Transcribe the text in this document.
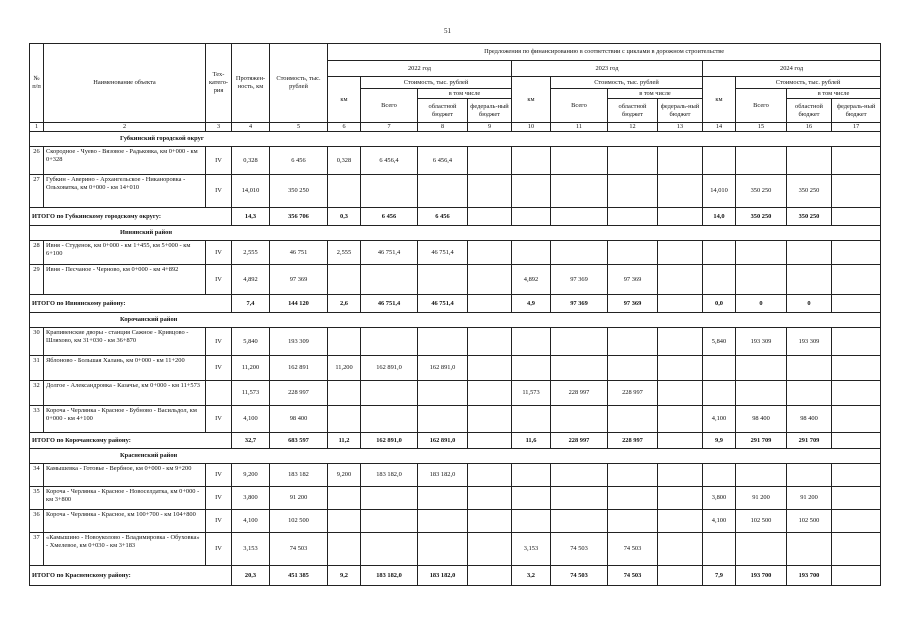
51
№ п/п	Наименование объекта	Тех-катего-рия	Протяжен-ность, км	Стоимость, тыс. рублей	Предложения по финансированию в соответствии с циклами в дорожном строительстве											
					2022 год				2023 год				2024 год			
					км	Стоимость, тыс. рублей			км	Стоимость, тыс. рублей			км	Стоимость, тыс. рублей		
						Всего	в том числе			Всего	в том числе			Всего	в том числе	
							областной бюджет	федераль-ный бюджет			областной бюджет	федераль-ный бюджет			областной бюджет	федераль-ный бюджет
1	2	3	4	5	6	7	8	9	10	11	12	13	14	15	16	17
Губкинский городской округ																
26	Скородное - Чуево - Вязовое - Радьковка, км 0+000 - км 0+328	IV	0,328	6 456	0,328	6 456,4	6 456,4									
27	Губкин - Аверино - Архангельское - Никаноровка - Ольховатка, км 0+000 - км 14+010	IV	14,010	350 250									14,010	350 250	350 250	
ИТОГО по Губкинскому городскому округу:			14,3	356 706	0,3	6 456	6 456						14,0	350 250	350 250	
Ивнянский район																
28	Ивня - Студенок, км 0+000 - км 1+455, км 5+000 - км 6+100	IV	2,555	46 751	2,555	46 751,4	46 751,4									
29	Ивня - Песчаное - Черновo, км 0+000 - км 4+892	IV	4,892	97 369					4,892	97 369	97 369					
ИТОГО по Ивнянскому району:			7,4	144 120	2,6	46 751,4	46 751,4		4,9	97 369	97 369		0,0	0	0	
Корочанский район																
30	Крапивенские дворы - станция Сажное - Кривцово - Шляхово, км 31+030 - км 36+870	IV	5,840	193 309									5,840	193 309	193 309	
31	Яблоново - Большая Халань, км 0+000 - км 11+200	IV	11,200	162 891	11,200	162 891,0	162 891,0									
32	Долгое - Александровка - Казачье, км 0+000 - км 11+573		11,573	228 997					11,573	228 997	228 997					
33	Короча - Черлянка - Красное - Бубново - Васильдол, км 0+000 - км 4+100	IV	4,100	98 400									4,100	98 400	98 400	
ИТОГО по Корочанскому району:			32,7	683 597	11,2	162 891,0	162 891,0		11,6	228 997	228 997		9,9	291 709	291 709	
Красненский район																
34	Камышевка - Готовье - Вербное, км 0+000 - км 9+200	IV	9,200	183 182	9,200	183 182,0	183 182,0									
35	Короча - Черлянка - Красное - Новоселдатка, км 0+000 - км 3+800	IV	3,800	91 200									3,800	91 200	91 200	
36	Короча - Черлянка - Красное, км 100+700 - км 104+800	IV	4,100	102 500									4,100	102 500	102 500	
37	«Камышино - Новоуколово - Владимировка - Обуховка» - Хмелевое, км 0+030 - км 3+183	IV	3,153	74 503					3,153	74 503	74 503					
ИТОГО по Красненскому району:			20,3	451 385	9,2	183 182,0	183 182,0		3,2	74 503	74 503		7,9	193 700	193 700	
